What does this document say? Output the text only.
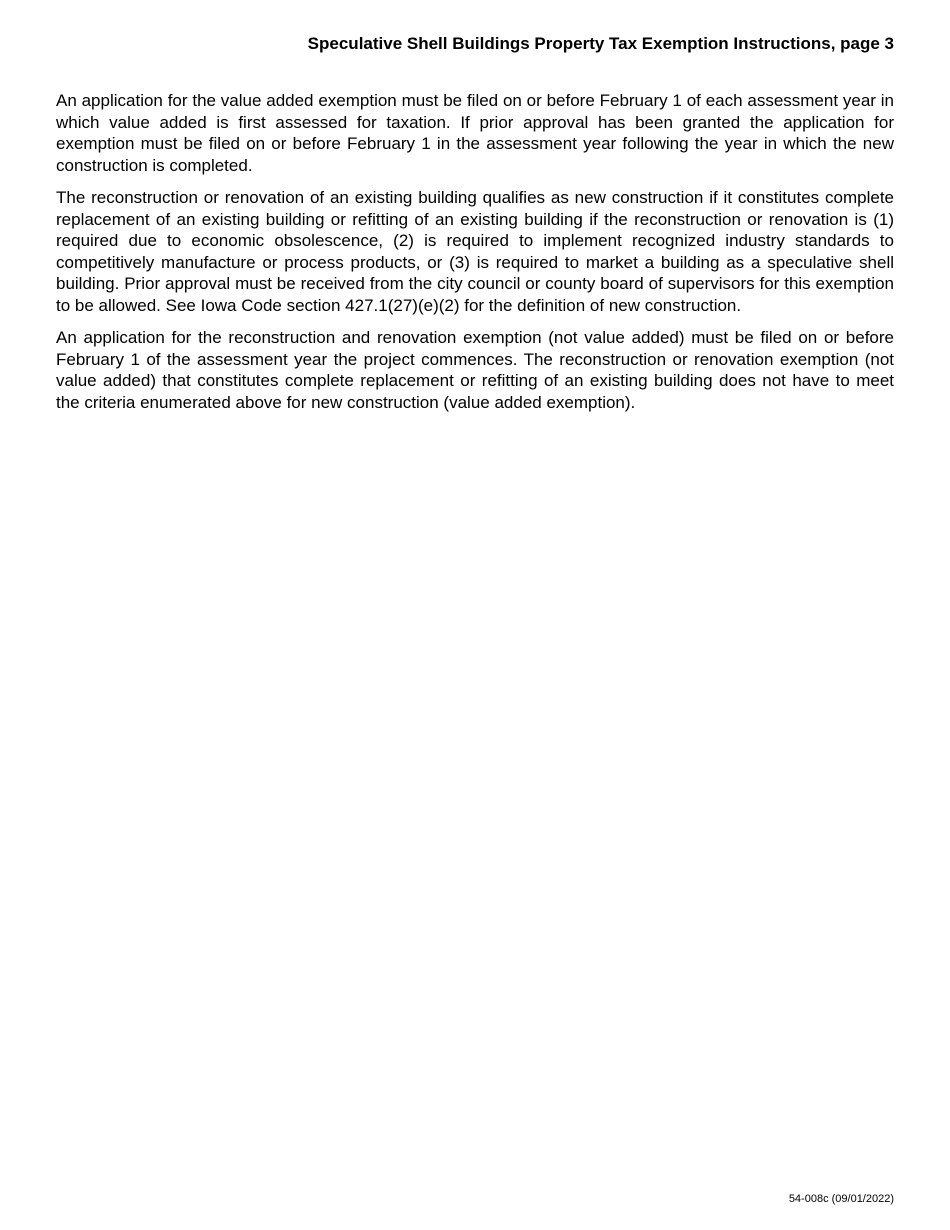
Speculative Shell Buildings Property Tax Exemption Instructions, page 3

An application for the value added exemption must be filed on or before February 1 of each assessment year in which value added is first assessed for taxation. If prior approval has been granted the application for exemption must be filed on or before February 1 in the assessment year following the year in which the new construction is completed.

The reconstruction or renovation of an existing building qualifies as new construction if it constitutes complete replacement of an existing building or refitting of an existing building if the reconstruction or renovation is (1) required due to economic obsolescence, (2) is required to implement recognized industry standards to competitively manufacture or process products, or (3) is required to market a building as a speculative shell building. Prior approval must be received from the city council or county board of supervisors for this exemption to be allowed. See Iowa Code section 427.1(27)(e)(2) for the definition of new construction.

An application for the reconstruction and renovation exemption (not value added) must be filed on or before February 1 of the assessment year the project commences. The reconstruction or renovation exemption (not value added) that constitutes complete replacement or refitting of an existing building does not have to meet the criteria enumerated above for new construction (value added exemption).

54-008c (09/01/2022)
